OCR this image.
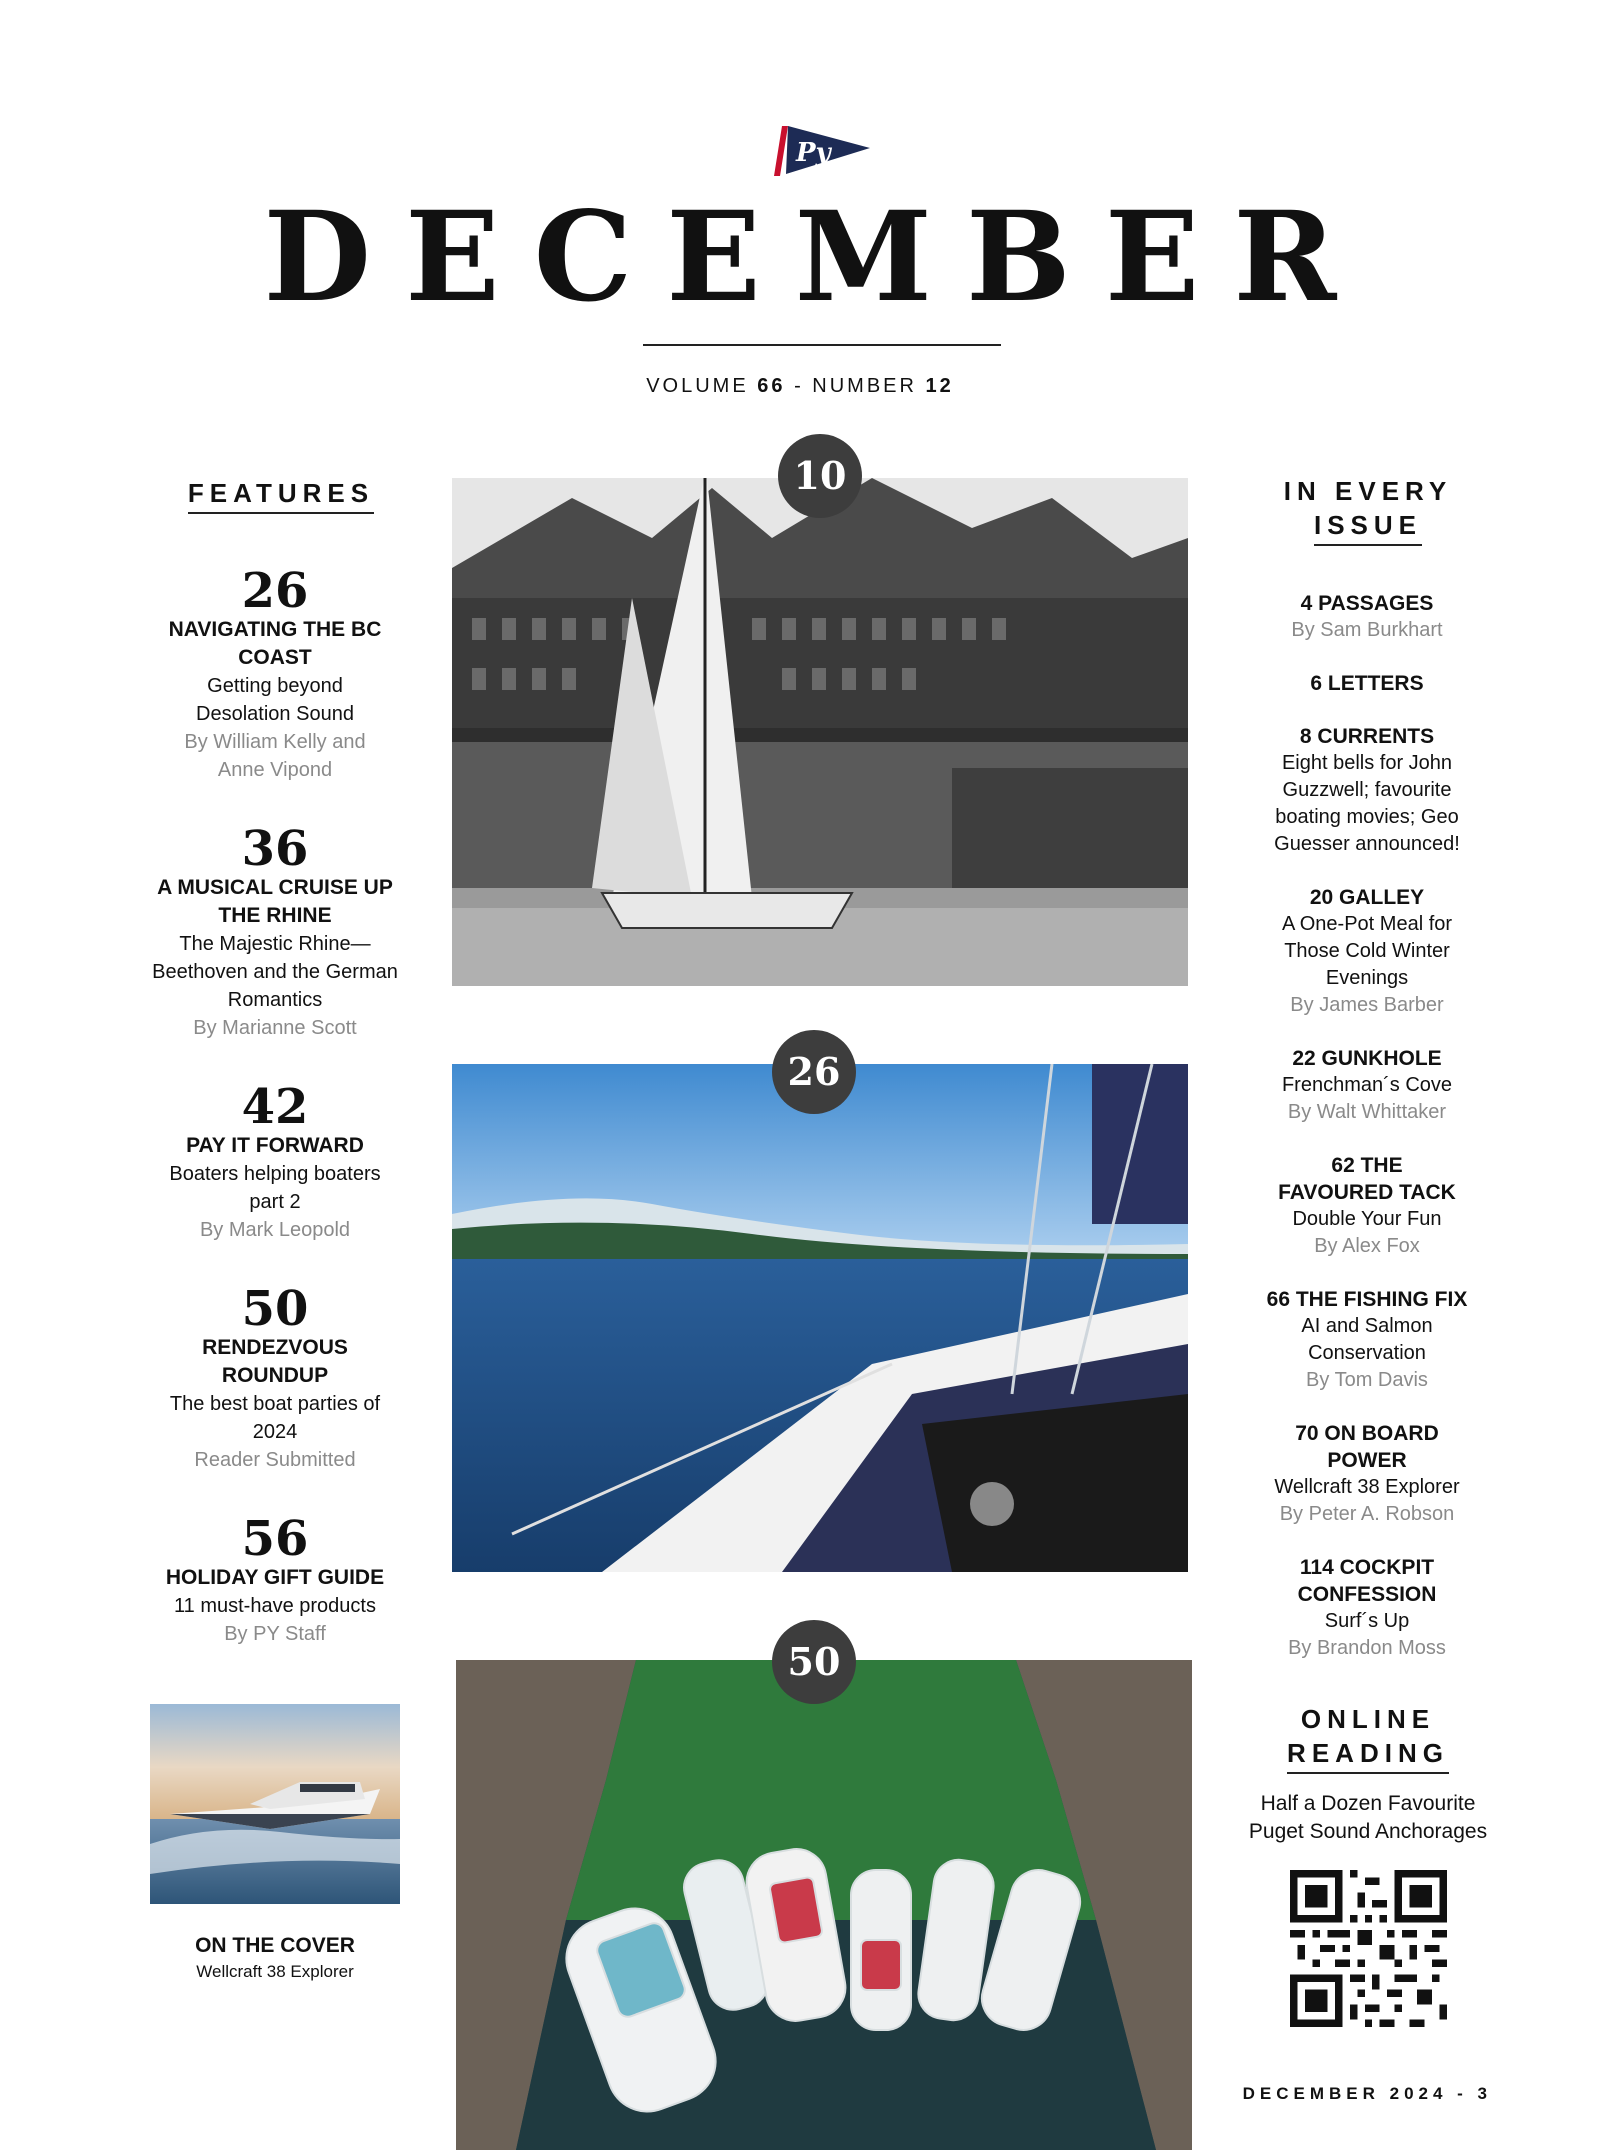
Py
DECEMBER
VOLUME 66 - NUMBER 12
FEATURES
26
NAVIGATING THE BC COAST
Getting beyond Desolation Sound
By William Kelly and Anne Vipond
36
A MUSICAL CRUISE UP THE RHINE
The Majestic Rhine—Beethoven and the German Romantics
By Marianne Scott
42
PAY IT FORWARD
Boaters helping boaters part 2
By Mark Leopold
50
RENDEZVOUS ROUNDUP
The best boat parties of 2024
Reader Submitted
56
HOLIDAY GIFT GUIDE
11 must-have products
By PY Staff
10
26
50
ON THE COVER
Wellcraft 38 Explorer
IN EVERY
ISSUE
4 PASSAGES
By Sam Burkhart
6 LETTERS
8 CURRENTS
Eight bells for John Guzzwell; favourite boating movies; Geo Guesser announced!
20 GALLEY
A One-Pot Meal for Those Cold Winter Evenings
By James Barber
22 GUNKHOLE
Frenchman´s Cove
By Walt Whittaker
62 THE FAVOURED TACK
Double Your Fun
By Alex Fox
66 THE FISHING FIX
AI and Salmon Conservation
By Tom Davis
70 ON BOARD POWER
Wellcraft 38 Explorer
By Peter A. Robson
114 COCKPIT CONFESSION
Surf´s Up
By Brandon Moss
ONLINE
READING
Half a Dozen Favourite Puget Sound Anchorages
DECEMBER 2024 - 3
